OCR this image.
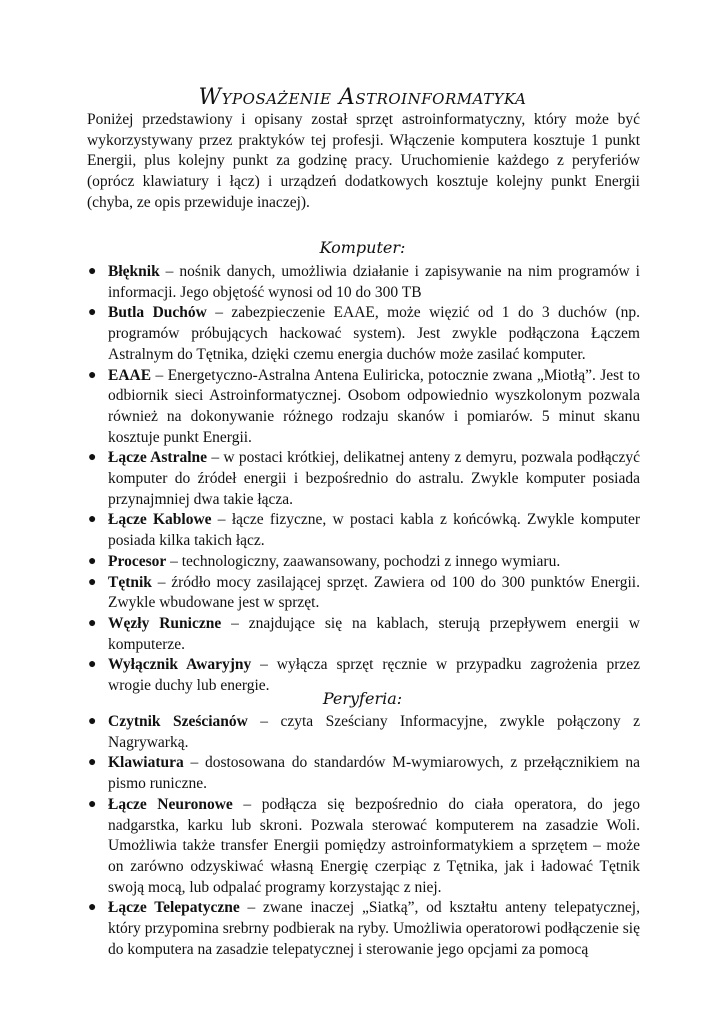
Wyposażenie Astroinformatyka
Poniżej przedstawiony i opisany został sprzęt astroinformatyczny, który może być wykorzystywany przez praktyków tej profesji. Włączenie komputera kosztuje 1 punkt Energii, plus kolejny punkt za godzinę pracy. Uruchomienie każdego z peryferiów (oprócz klawiatury i łącz) i urządzeń dodatkowych kosztuje kolejny punkt Energii (chyba, ze opis przewiduje inaczej).
Komputer:
● Błęknik – nośnik danych, umożliwia działanie i zapisywanie na nim programów i informacji. Jego objętość wynosi od 10 do 300 TB
● Butla Duchów – zabezpieczenie EAAE, może więzić od 1 do 3 duchów (np. programów próbujących hackować system). Jest zwykle podłączona Łączem Astralnym do Tętnika, dzięki czemu energia duchów może zasilać komputer.
● EAAE – Energetyczno-Astralna Antena Euliricka, potocznie zwana „Miotłą”. Jest to odbiornik sieci Astroinformatycznej. Osobom odpowiednio wyszkolonym pozwala również na dokonywanie różnego rodzaju skanów i pomiarów. 5 minut skanu kosztuje punkt Energii.
● Łącze Astralne – w postaci krótkiej, delikatnej anteny z demyru, pozwala podłączyć komputer do źródeł energii i bezpośrednio do astralu. Zwykle komputer posiada przynajmniej dwa takie łącza.
● Łącze Kablowe – łącze fizyczne, w postaci kabla z końcówką. Zwykle komputer posiada kilka takich łącz.
● Procesor – technologiczny, zaawansowany, pochodzi z innego wymiaru.
● Tętnik – źródło mocy zasilającej sprzęt. Zawiera od 100 do 300 punktów Energii. Zwykle wbudowane jest w sprzęt.
● Węzły Runiczne – znajdujące się na kablach, sterują przepływem energii w komputerze.
● Wyłącznik Awaryjny – wyłącza sprzęt ręcznie w przypadku zagrożenia przez wrogie duchy lub energie.
Peryferia:
● Czytnik Sześcianów – czyta Sześciany Informacyjne, zwykle połączony z Nagrywarką.
● Klawiatura – dostosowana do standardów M-wymiarowych, z przełącznikiem na pismo runiczne.
● Łącze Neuronowe – podłącza się bezpośrednio do ciała operatora, do jego nadgarstka, karku lub skroni. Pozwala sterować komputerem na zasadzie Woli. Umożliwia także transfer Energii pomiędzy astroinformatykiem a sprzętem – może on zarówno odzyskiwać własną Energię czerpiąc z Tętnika, jak i ładować Tętnik swoją mocą, lub odpalać programy korzystając z niej.
● Łącze Telepatyczne – zwane inaczej „Siatką”, od kształtu anteny telepatycznej, który przypomina srebrny podbierak na ryby. Umożliwia operatorowi podłączenie się do komputera na zasadzie telepatycznej i sterowanie jego opcjami za pomocą
